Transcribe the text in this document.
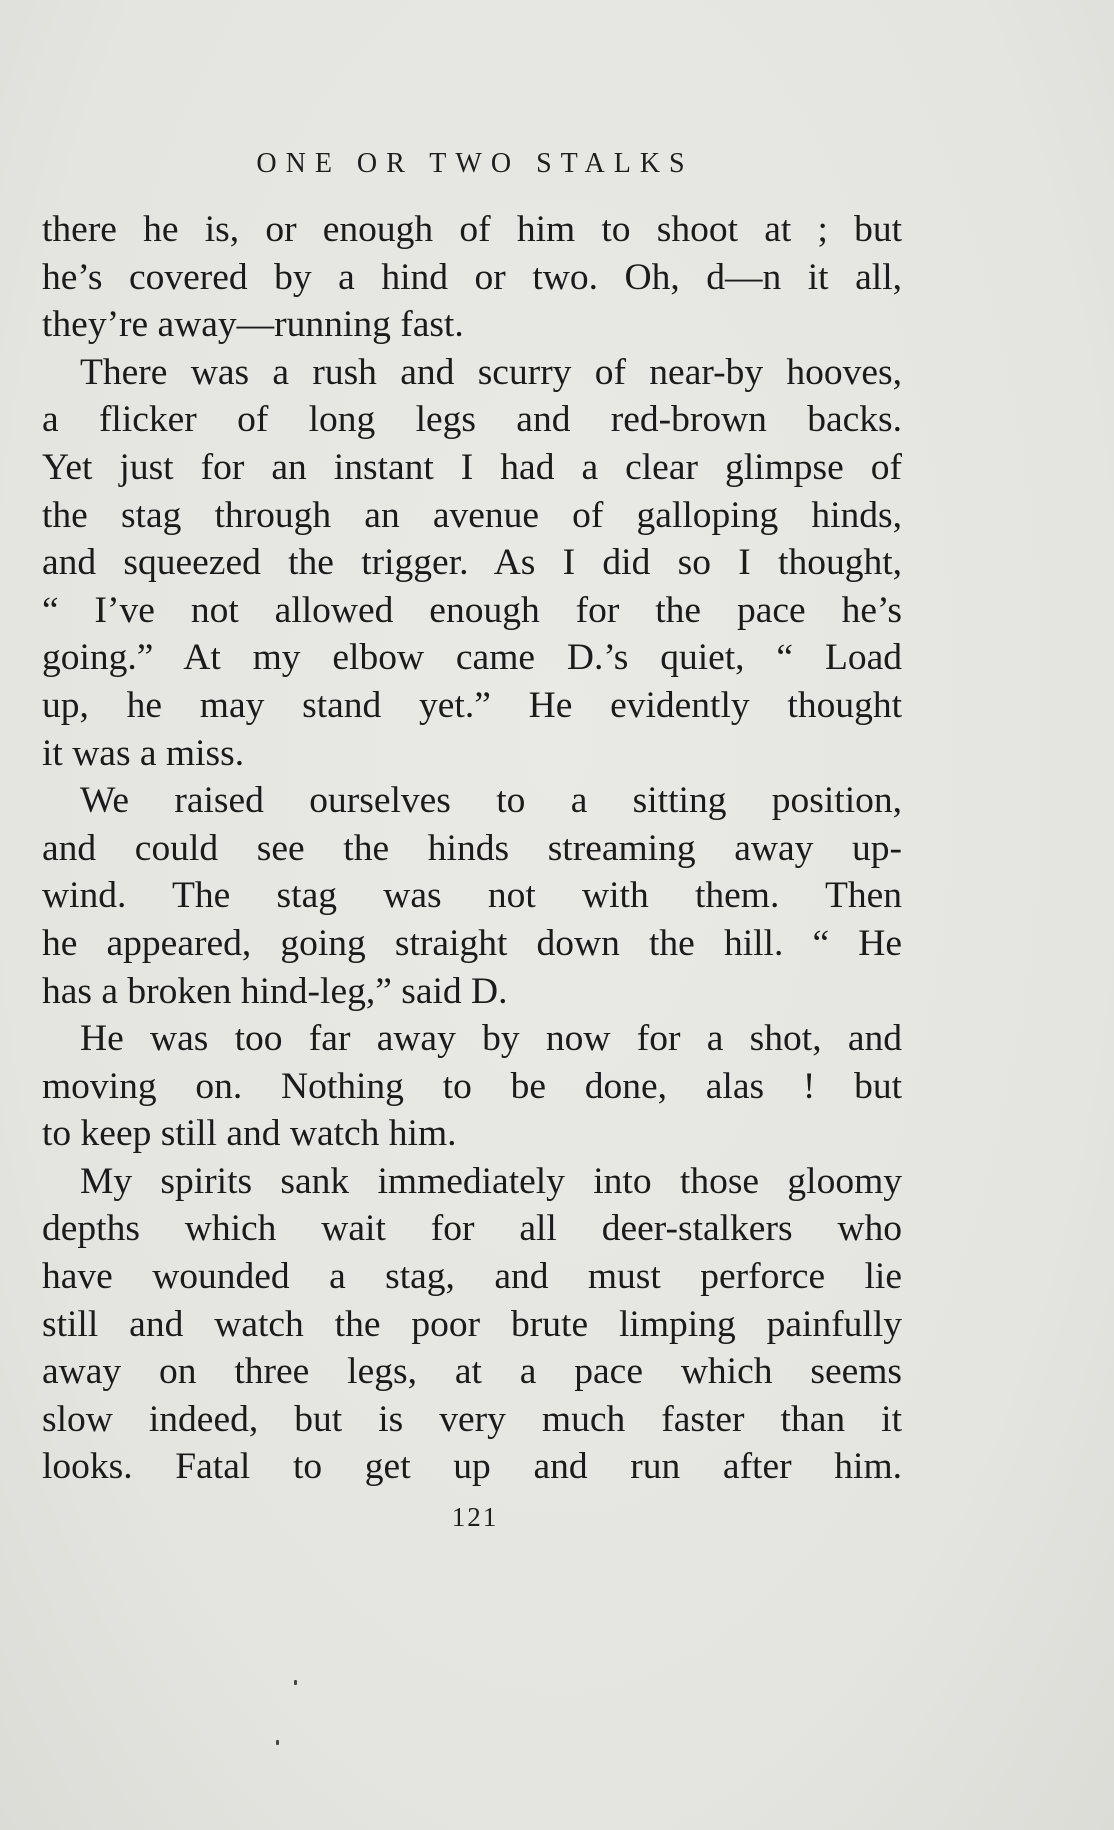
ONE OR TWO STALKS
there he is, or enough of him to shoot at ; but
he’s covered by a hind or two. Oh, d—n it all,
they’re away—running fast.
There was a rush and scurry of near-by hooves,
a flicker of long legs and red-brown backs.
Yet just for an instant I had a clear glimpse of
the stag through an avenue of galloping hinds,
and squeezed the trigger. As I did so I thought,
“ I’ve not allowed enough for the pace he’s
going.” At my elbow came D.’s quiet, “ Load
up, he may stand yet.” He evidently thought
it was a miss.
We raised ourselves to a sitting position,
and could see the hinds streaming away up-
wind. The stag was not with them. Then
he appeared, going straight down the hill. “ He
has a broken hind-leg,” said D.
He was too far away by now for a shot, and
moving on. Nothing to be done, alas ! but
to keep still and watch him.
My spirits sank immediately into those gloomy
depths which wait for all deer-stalkers who
have wounded a stag, and must perforce lie
still and watch the poor brute limping painfully
away on three legs, at a pace which seems
slow indeed, but is very much faster than it
looks. Fatal to get up and run after him.
121
